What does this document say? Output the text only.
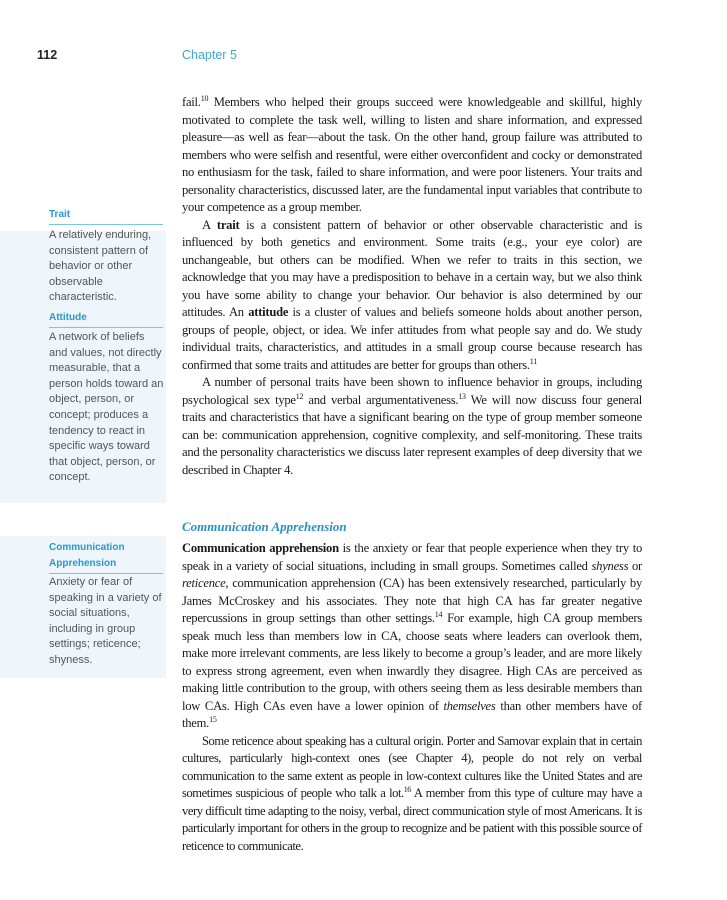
112	Chapter 5
Trait
A relatively enduring, consistent pattern of behavior or other observable characteristic.
Attitude
A network of beliefs and values, not directly measurable, that a person holds toward an object, person, or concept; produces a tendency to react in specific ways toward that object, person, or concept.
Communication
Apprehension
Anxiety or fear of speaking in a variety of social situations, including in group settings; reticence; shyness.

fail.$^{10}$ Members who helped their groups succeed were knowledgeable and skillful, highly motivated to complete the task well, willing to listen and share information, and expressed pleasure—as well as fear—about the task. On the other hand, group failure was attributed to members who were selfish and resentful, were either overconfident and cocky or demonstrated no enthusiasm for the task, failed to share information, and were poor listeners. Your traits and personality characteristics, discussed later, are the fundamental input variables that contribute to your competence as a group member.

A trait is a consistent pattern of behavior or other observable characteristic and is influenced by both genetics and environment. Some traits (e.g., your eye color) are unchangeable, but others can be modified. When we refer to traits in this section, we acknowledge that you may have a predisposition to behave in a certain way, but we also think you have some ability to change your behavior. Our behavior is also determined by our attitudes. An attitude is a cluster of values and beliefs someone holds about another person, groups of people, object, or idea. We infer attitudes from what people say and do. We study individual traits, characteristics, and attitudes in a small group course because research has confirmed that some traits and attitudes are better for groups than others.$^{11}$

A number of personal traits have been shown to influence behavior in groups, including psychological sex type$^{12}$ and verbal argumentativeness.$^{13}$ We will now discuss four general traits and characteristics that have a significant bearing on the type of group member someone can be: communication apprehension, cognitive complexity, and self-monitoring. These traits and the personality characteristics we discuss later represent examples of deep diversity that we described in Chapter 4.

Communication Apprehension

Communication apprehension is the anxiety or fear that people experience when they try to speak in a variety of social situations, including in small groups. Sometimes called shyness or reticence, communication apprehension (CA) has been extensively researched, particularly by James McCroskey and his associates. They note that high CA has far greater negative repercussions in group settings than other settings.$^{14}$ For example, high CA group members speak much less than members low in CA, choose seats where leaders can overlook them, make more irrelevant comments, are less likely to become a group’s leader, and are more likely to express strong agreement, even when inwardly they disagree. High CAs are perceived as making little contribution to the group, with others seeing them as less desirable members than low CAs. High CAs even have a lower opinion of themselves than other members have of them.$^{15}$

Some reticence about speaking has a cultural origin. Porter and Samovar explain that in certain cultures, particularly high-context ones (see Chapter 4), people do not rely on verbal communication to the same extent as people in low-context cultures like the United States and are sometimes suspicious of people who talk a lot.$^{16}$ A member from this type of culture may have a very difficult time adapting to the noisy, verbal, direct communication style of most Americans. It is particularly important for others in the group to recognize and be patient with this possible source of reticence to communicate.
